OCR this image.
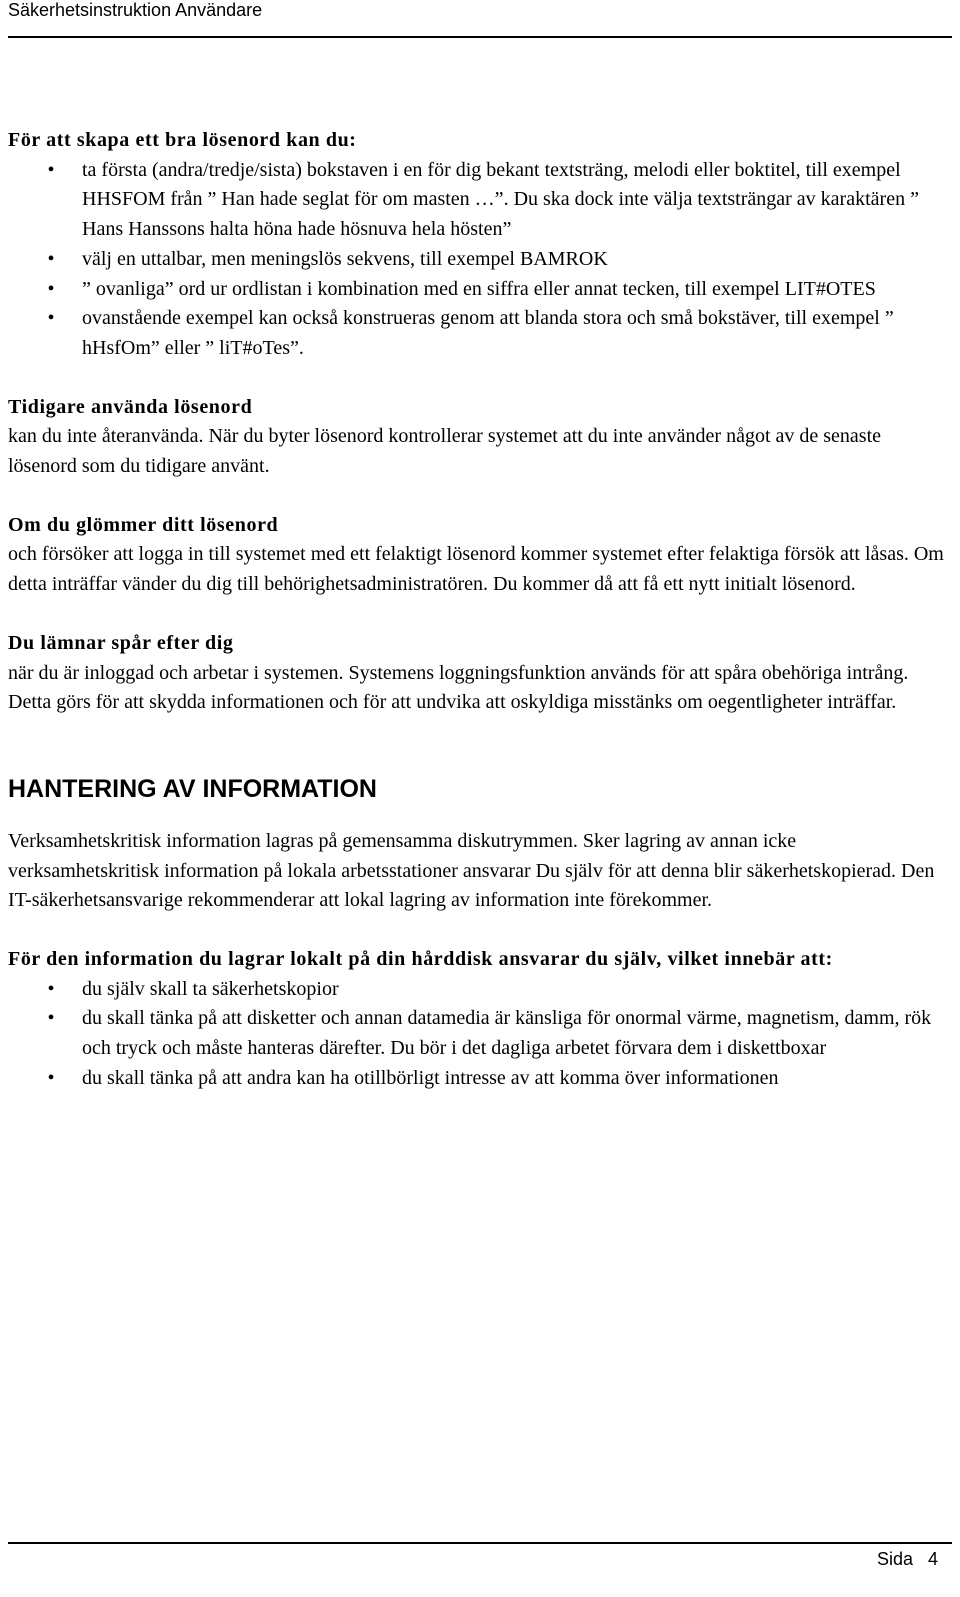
Säkerhetsinstruktion Användare

För att skapa ett bra lösenord kan du:

• ta första (andra/tredje/sista) bokstaven i en för dig bekant textsträng, melodi eller boktitel, till exempel HHSFOM från ” Han hade seglat för om masten …”. Du ska dock inte välja textsträngar av karaktären ” Hans Hanssons halta höna hade hösnuva hela hösten”
• välj en uttalbar, men meningslös sekvens, till exempel BAMROK
• ” ovanliga” ord ur ordlistan i kombination med en siffra eller annat tecken, till exempel LIT#OTES
• ovanstående exempel kan också konstrueras genom att blanda stora och små bokstäver, till exempel ” hHsfOm” eller ” liT#oTes”.

Tidigare använda lösenord

kan du inte återanvända. När du byter lösenord kontrollerar systemet att du inte använder något av de senaste lösenord som du tidigare använt.

Om du glömmer ditt lösenord

och försöker att logga in till systemet med ett felaktigt lösenord kommer systemet efter felaktiga försök att låsas. Om detta inträffar vänder du dig till behörighetsadministratören. Du kommer då att få ett nytt initialt lösenord.

Du lämnar spår efter dig

när du är inloggad och arbetar i systemen. Systemens loggningsfunktion används för att spåra obehöriga intrång. Detta görs för att skydda informationen och för att undvika att oskyldiga misstänks om oegentligheter inträffar.

HANTERING AV INFORMATION

Verksamhetskritisk information lagras på gemensamma diskutrymmen. Sker lagring av annan icke verksamhetskritisk information på lokala arbetsstationer ansvarar Du själv för att denna blir säkerhetskopierad. Den IT-säkerhetsansvarige rekommenderar att lokal lagring av information inte förekommer.

För den information du lagrar lokalt på din hårddisk ansvarar du själv, vilket innebär att:

• du själv skall ta säkerhetskopior
• du skall tänka på att disketter och annan datamedia är känsliga för onormal värme, magnetism, damm, rök och tryck och måste hanteras därefter. Du bör i det dagliga arbetet förvara dem i diskettboxar
• du skall tänka på att andra kan ha otillbörligt intresse av att komma över informationen
Sida   4
